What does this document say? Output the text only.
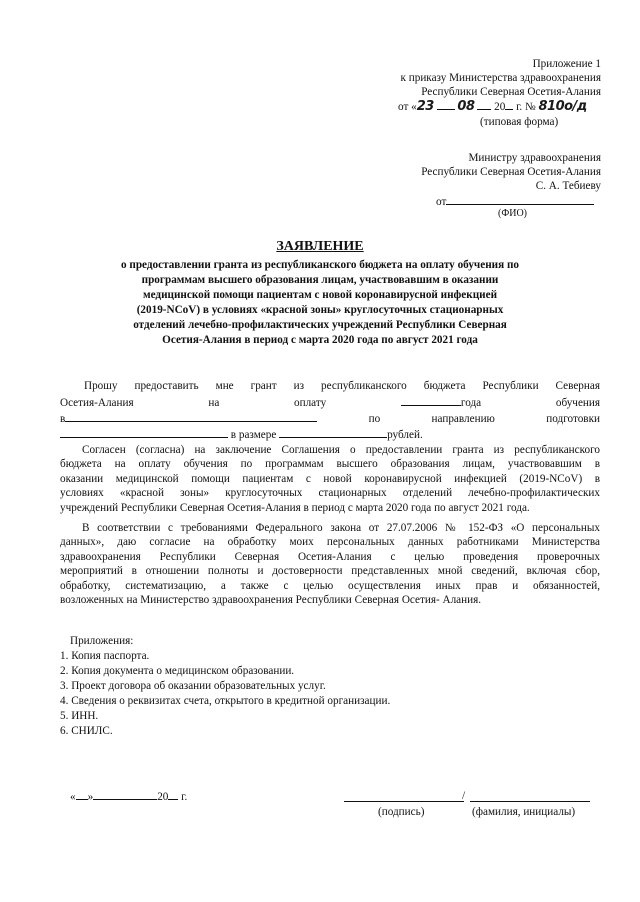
Приложение 1
к приказу Министерства здравоохранения
Республики Северная Осетия-Алания
от «23 08 20 г. № 810о/д
(типовая форма)
Министру здравоохранения
Республики Северная Осетия-Алания
С. А. Тебиеву
от
(ФИО)
ЗАЯВЛЕНИЕ
о предоставлении гранта из республиканского бюджета на оплату обучения по
программам высшего образования лицам, участвовавшим в оказании
медицинской помощи пациентам с новой коронавирусной инфекцией
(2019-NCoV) в условиях «красной зоны» круглосуточных стационарных
отделений лечебно-профилактических учреждений Республики Северная
Осетия-Алания в период с марта 2020 года по август 2021 года
Прошу предоставить мне грант из республиканского бюджета Республики Северная
Осетия-Алания	на	оплату	года	обучения
в	по	направлению	подготовки
в размере	рублей.
Согласен (согласна) на заключение Соглашения о предоставлении гранта из республиканского
бюджета на оплату обучения по программам высшего образования лицам, участвовавшим в
оказании медицинской помощи пациентам с новой коронавирусной инфекцией (2019-NCoV) в
условиях «красной зоны» круглосуточных стационарных отделений лечебно-профилактических
учреждений Республики Северная Осетия-Алания в период с марта 2020 года по август 2021 года.
В соответствии с требованиями Федерального закона от 27.07.2006 № 152-ФЗ «О персональных
данных», даю согласие на обработку моих персональных данных работниками Министерства
здравоохранения Республики Северная Осетия-Алания с целью проведения проверочных
мероприятий в отношении полноты и достоверности представленных мной сведений, включая сбор,
обработку, систематизацию, а также с целью осуществления иных прав и обязанностей,
возложенных на Министерство здравоохранения Республики Северная Осетия- Алания.
Приложения:
1. Копия паспорта.
2. Копия документа о медицинском образовании.
3. Проект договора об оказании образовательных услуг.
4. Сведения о реквизитах счета, открытого в кредитной организации.
5. ИНН.
6. СНИЛС.
« »	20 г.	/
(подпись)	(фамилия, инициалы)
